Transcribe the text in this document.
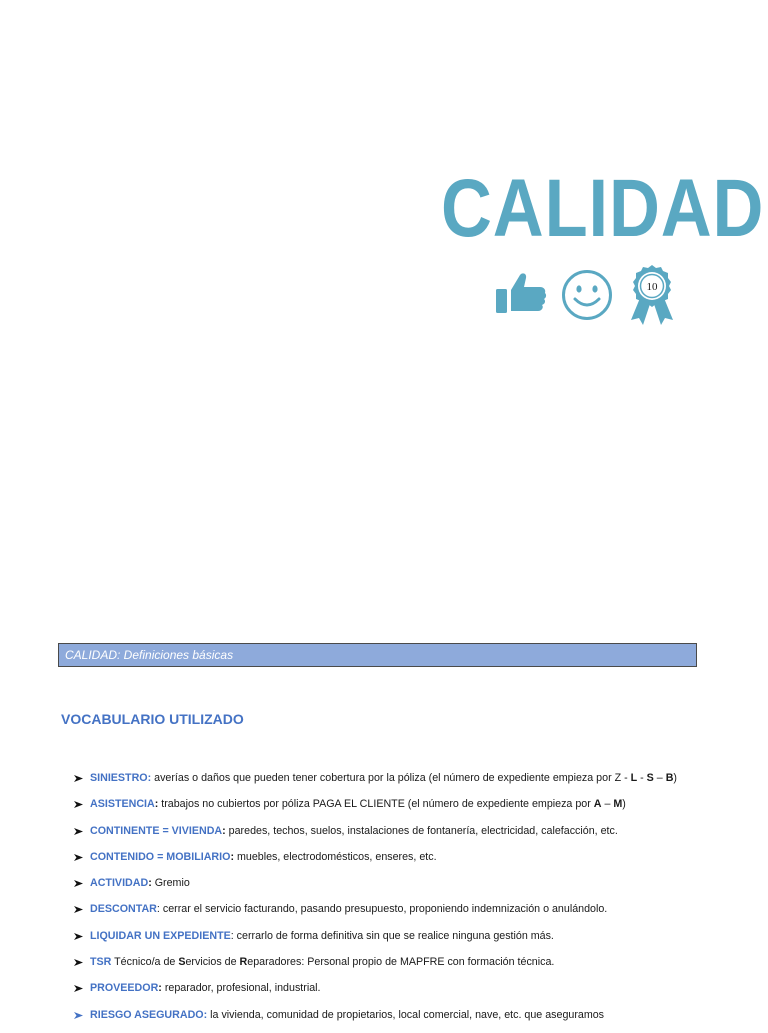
CALIDAD
10
CALIDAD: Definiciones básicas
VOCABULARIO UTILIZADO
SINIESTRO: averías o daños que pueden tener cobertura por la póliza (el número de expediente empieza por Z - L - S – B)
ASISTENCIA: trabajos no cubiertos por póliza PAGA EL CLIENTE (el número de expediente empieza por A – M)
CONTINENTE = VIVIENDA: paredes, techos, suelos, instalaciones de fontanería, electricidad, calefacción, etc.
CONTENIDO = MOBILIARIO: muebles, electrodomésticos, enseres, etc.
ACTIVIDAD: Gremio
DESCONTAR: cerrar el servicio facturando, pasando presupuesto, proponiendo indemnización o anulándolo.
LIQUIDAR UN EXPEDIENTE: cerrarlo de forma definitiva sin que se realice ninguna gestión más.
TSR Técnico/a de Servicios de Reparadores: Personal propio de MAPFRE con formación técnica.
PROVEEDOR: reparador, profesional, industrial.
RIESGO ASEGURADO: la vivienda, comunidad de propietarios, local comercial, nave, etc. que aseguramos
